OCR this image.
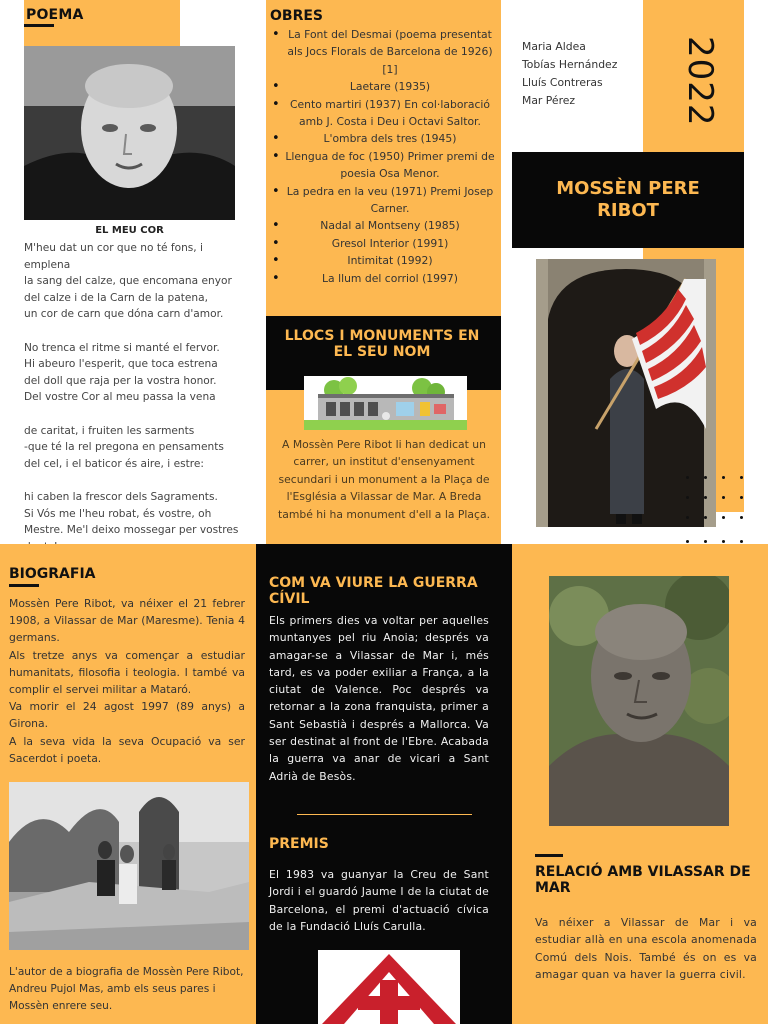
POEMA
EL MEU COR

M'heu dat un cor que no té fons, i emplena
la sang del calze, que encomana enyor
del calze i de la Carn de la patena,
un cor de carn que dóna carn d'amor.

No trenca el ritme si manté el fervor.
Hi abeuro l'esperit, que toca estrena
del doll que raja per la vostra honor.
Del vostre Cor al meu passa la vena

de caritat, i fruiten les sarments
-que té la rel pregona en pensaments
del cel, i el baticor és aire, i estre:

hi caben la frescor dels Sagraments.
Si Vós me l'heu robat, és vostre, oh Mestre. Me'l deixo mossegar per vostres

OBRES
• La Font del Desmai (poema presentat als Jocs Florals de Barcelona de 1926)[1]
• Laetare (1935)
• Cento martiri (1937) En col·laboració amb J. Costa i Deu i Octavi Saltor.
• L'ombra dels tres (1945)
• Llengua de foc (1950) Primer premi de poesia Osa Menor.
• La pedra en la veu (1971) Premi Josep Carner.
• Nadal al Montseny (1985)
• Gresol Interior (1991)
• Intimitat (1992)
• La llum del corriol (1997)
LLOCS I MONUMENTS EN EL SEU NOM
A Mossèn Pere Ribot li han dedicat un carrer, un institut d'ensenyament secundari i un monument a la Plaça de l'Església a Vilassar de Mar. A Breda també hi ha monument d'ell a la Plaça.
Maria Aldea
Tobías Hernández
Lluís Contreras
Mar Pérez	2022
MOSSÈN PERE RIBOT
BIOGRAFIA
Mossèn Pere Ribot, va néixer el 21 febrer 1908, a Vilassar de Mar (Maresme). Tenia 4 germans.
Als tretze anys va començar a estudiar humanitats, filosofia i teologia. I també va complir el servei militar a Mataró.
Va morir el 24 agost 1997 (89 anys) a Girona.
A la seva vida la seva Ocupació va ser Sacerdot i poeta.
L'autor de a biografia de Mossèn Pere Ribot, Andreu Pujol Mas, amb els seus pares i Mossèn enrere seu.
COM VA VIURE LA GUERRA CÍVIL
Els primers dies va voltar per aquelles muntanyes pel riu Anoia; després va amagar-se a Vilassar de Mar i, més tard, es va poder exiliar a França, a la ciutat de Valence. Poc després va retornar a la zona franquista, primer a Sant Sebastià i després a Mallorca. Va ser destinat al front de l'Ebre. Acabada la guerra va anar de vicari a Sant Adrià de Besòs.
PREMIS
El 1983 va guanyar la Creu de Sant Jordi i el guardó Jaume I de la ciutat de Barcelona, el premi d'actuació cívica de la Fundació Lluís Carulla.
RELACIÓ AMB VILASSAR DE MAR
Va néixer a Vilassar de Mar i va estudiar allà en una escola anomenada Comú dels Nois. També és on es va amagar quan va haver la guerra civil.
